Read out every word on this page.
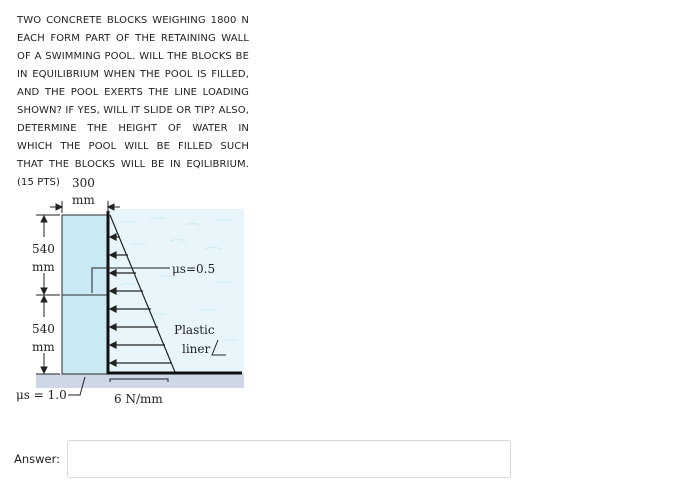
TWO CONCRETE BLOCKS WEIGHING 1800 N EACH FORM PART OF THE RETAINING WALL OF A SWIMMING POOL. WILL THE BLOCKS BE IN EQUILIBRIUM WHEN THE POOL IS FILLED, AND THE POOL EXERTS THE LINE LOADING SHOWN? IF YES, WILL IT SLIDE OR TIP? ALSO, DETERMINE THE HEIGHT OF WATER IN WHICH THE POOL WILL BE FILLED SUCH THAT THE BLOCKS WILL BE IN EQILIBRIUM. (15 PTS)	300
mm
540
mm
540
mm
μs=0.5
Plastic
liner
μs = 1.0	6 N/mm
Answer:
